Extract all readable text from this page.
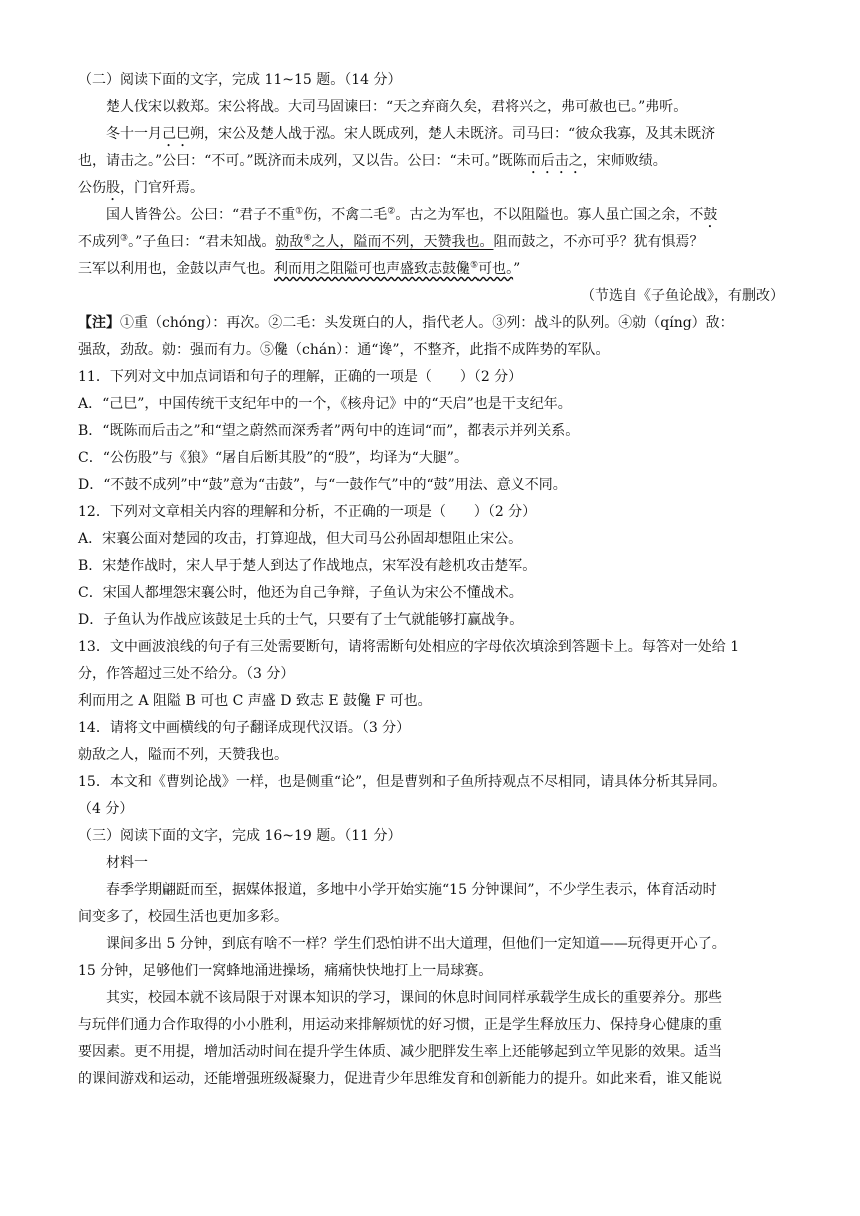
（二）阅读下面的文字，完成 11~15 题。（14 分）
楚人伐宋以救郑。宋公将战。大司马固谏曰：“天之弃商久矣，君将兴之，弗可赦也已。”弗听。
冬十一月己巳朔，宋公及楚人战于泓。宋人既成列，楚人未既济。司马曰：“彼众我寡，及其未既济
也，请击之。”公曰：“不可。”既济而未成列，又以告。公曰：“未可。”既陈而后击之，宋师败绩。
公伤股，门官歼焉。
国人皆咎公。公曰：“君子不重①伤，不禽二毛②。古之为军也，不以阻隘也。寡人虽亡国之余，不鼓
不成列③。”子鱼曰：“君未知战。勍敌④之人，隘而不列，天赞我也。阻而鼓之，不亦可乎？犹有惧焉？
三军以利用也，金鼓以声气也。利而用之阻隘可也声盛致志鼓儳⑤可也。”
（节选自《子鱼论战》，有删改）
【注】①重（chóng）：再次。②二毛：头发斑白的人，指代老人。③列：战斗的队列。④勍（qíng）敌：
强敌，劲敌。勍：强而有力。⑤儳（chán）：通“谗”，不整齐，此指不成阵势的军队。
11．下列对文中加点词语和句子的理解，正确的一项是（　　）（2 分）
A．“己巳”，中国传统干支纪年中的一个，《核舟记》中的“天启”也是干支纪年。
B．“既陈而后击之”和“望之蔚然而深秀者”两句中的连词“而”，都表示并列关系。
C．“公伤股”与《狼》“屠自后断其股”的“股”，均译为“大腿”。
D．“不鼓不成列”中“鼓”意为“击鼓”，与“一鼓作气”中的“鼓”用法、意义不同。
12．下列对文章相关内容的理解和分析，不正确的一项是（　　）（2 分）
A．宋襄公面对楚园的攻击，打算迎战，但大司马公孙固却想阻止宋公。
B．宋楚作战时，宋人早于楚人到达了作战地点，宋军没有趁机攻击楚军。
C．宋国人都埋怨宋襄公时，他还为自己争辩，子鱼认为宋公不懂战术。
D．子鱼认为作战应该鼓足士兵的士气，只要有了士气就能够打赢战争。
13．文中画波浪线的句子有三处需要断句，请将需断句处相应的字母依次填涂到答题卡上。每答对一处给 1
分，作答超过三处不给分。（3 分）
利而用之 A 阻隘 B 可也 C 声盛 D 致志 E 鼓儳 F 可也。
14．请将文中画横线的句子翻译成现代汉语。（3 分）
勍敌之人，隘而不列，天赞我也。
15．本文和《曹刿论战》一样，也是侧重“论”，但是曹刿和子鱼所持观点不尽相同，请具体分析其异同。
（4 分）
（三）阅读下面的文字，完成 16~19 题。（11 分）
材料一
春季学期翩跹而至，据媒体报道，多地中小学开始实施“15 分钟课间”，不少学生表示，体育活动时
间变多了，校园生活也更加多彩。
课间多出 5 分钟，到底有啥不一样？学生们恐怕讲不出大道理，但他们一定知道——玩得更开心了。
15 分钟，足够他们一窝蜂地涌进操场，痛痛快快地打上一局球赛。
其实，校园本就不该局限于对课本知识的学习，课间的休息时间同样承载学生成长的重要养分。那些
与玩伴们通力合作取得的小小胜利，用运动来排解烦忧的好习惯，正是学生释放压力、保持身心健康的重
要因素。更不用提，增加活动时间在提升学生体质、减少肥胖发生率上还能够起到立竿见影的效果。适当
的课间游戏和运动，还能增强班级凝聚力，促进青少年思维发育和创新能力的提升。如此来看，谁又能说
